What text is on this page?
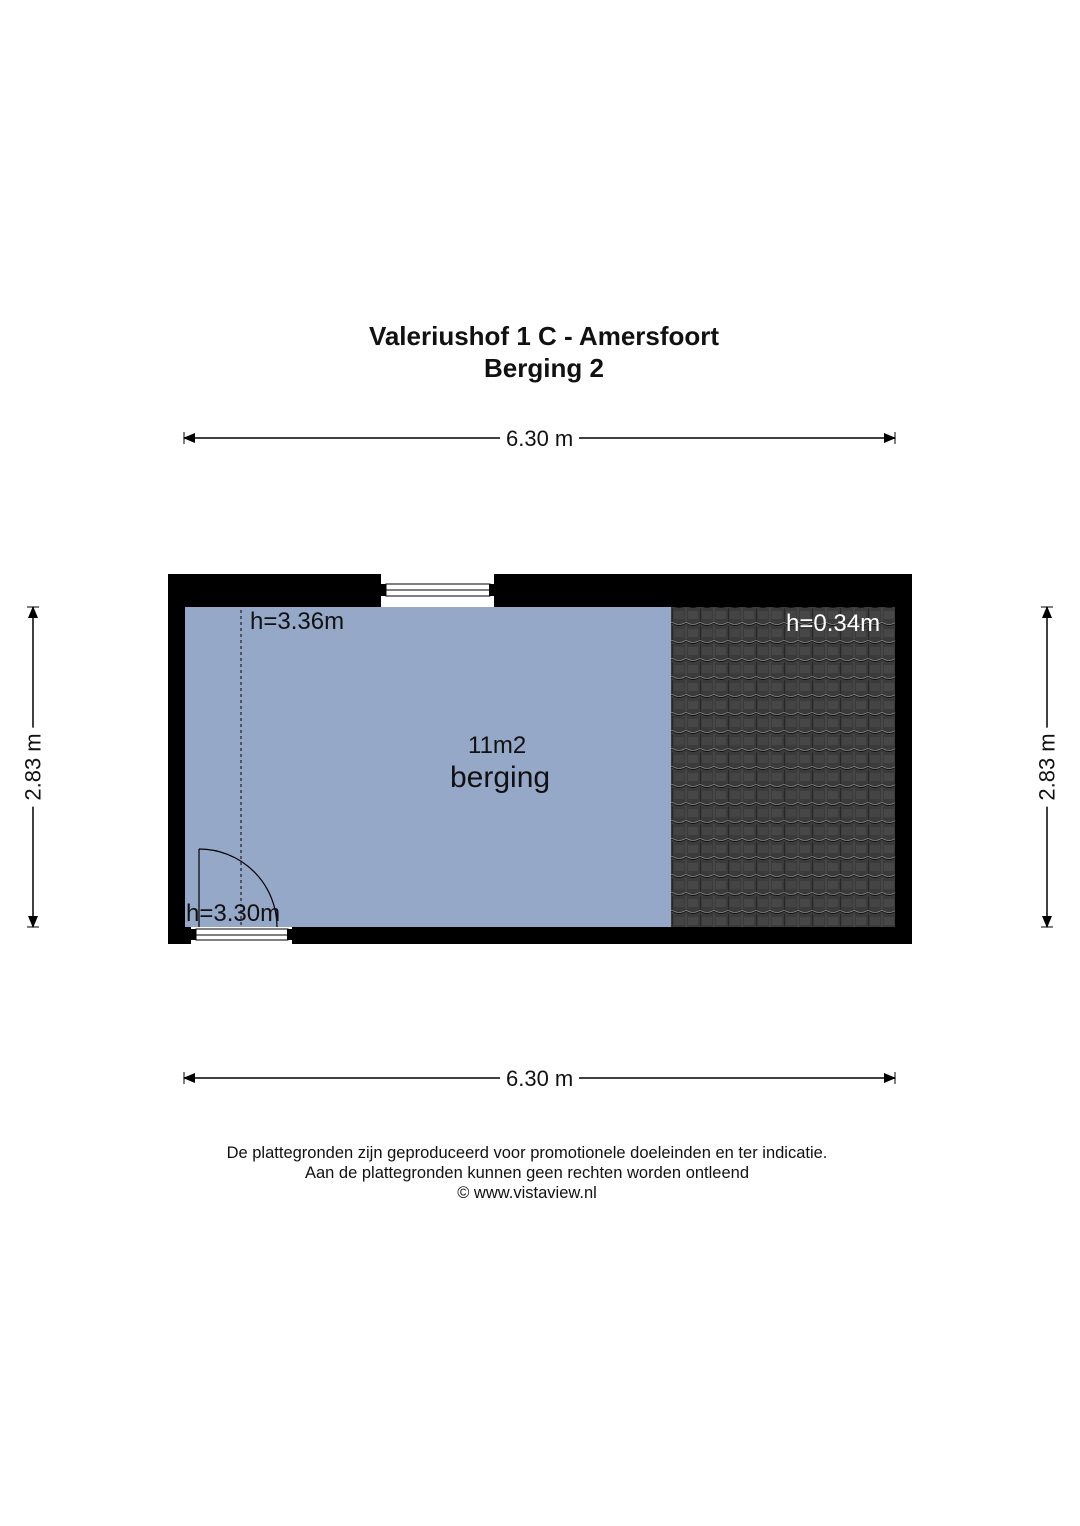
Valeriushof 1 C - Amersfoort
Berging 2
6.30 m
6.30 m
2.83 m	2.83 m
h=3.36m	h=0.34m
h=3.30m
11m2
berging
De plattegronden zijn geproduceerd voor promotionele doeleinden en ter indicatie.
Aan de plattegronden kunnen geen rechten worden ontleend
© www.vistaview.nl
